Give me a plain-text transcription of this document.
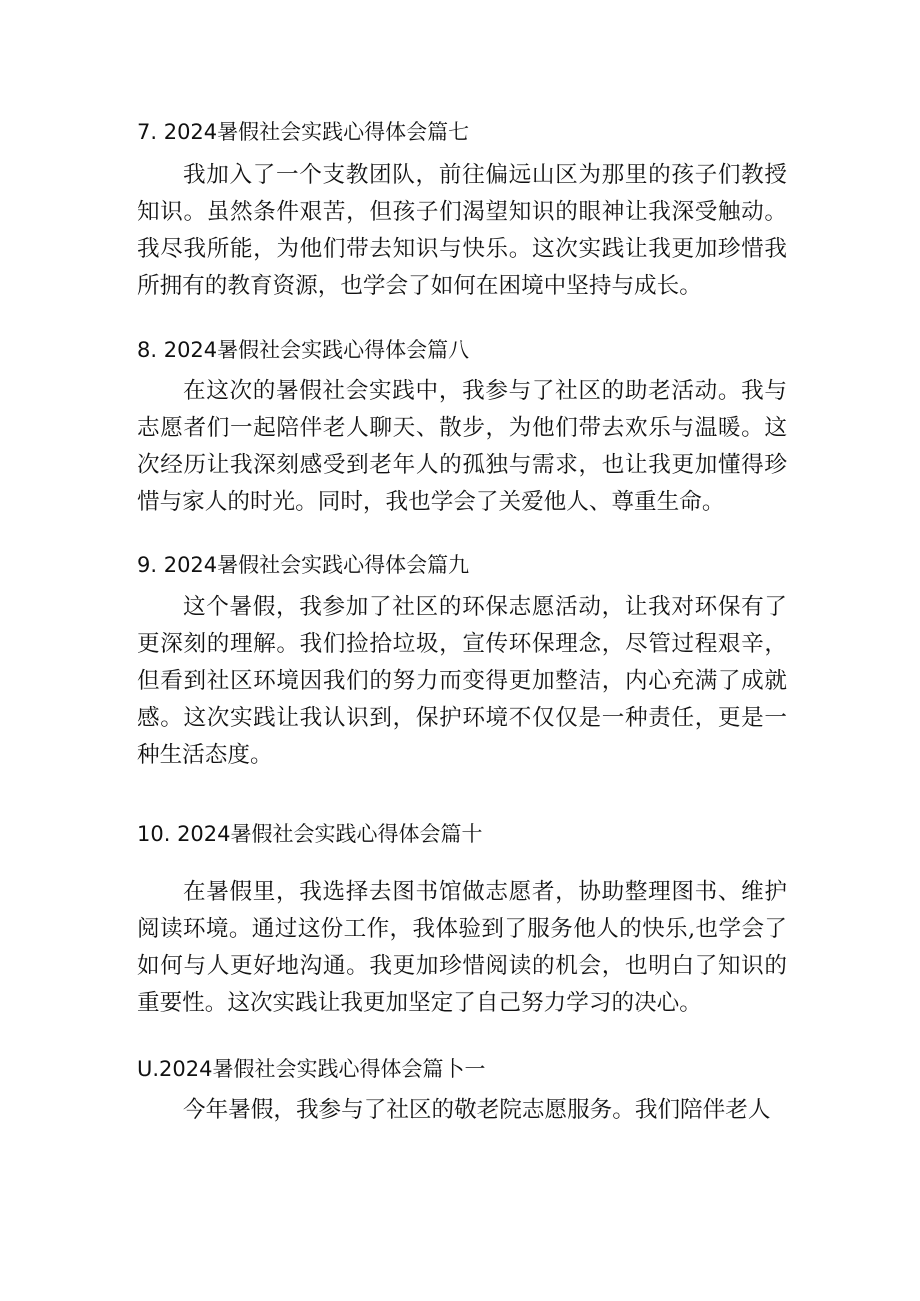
7. 2024暑假社会实践心得体会篇七

我加入了一个支教团队，前往偏远山区为那里的孩子们教授知识。虽然条件艰苦，但孩子们渴望知识的眼神让我深受触动。我尽我所能，为他们带去知识与快乐。这次实践让我更加珍惜我所拥有的教育资源，也学会了如何在困境中坚持与成长。

8. 2024暑假社会实践心得体会篇八

在这次的暑假社会实践中，我参与了社区的助老活动。我与志愿者们一起陪伴老人聊天、散步，为他们带去欢乐与温暖。这次经历让我深刻感受到老年人的孤独与需求，也让我更加懂得珍惜与家人的时光。同时，我也学会了关爱他人、尊重生命。

9. 2024暑假社会实践心得体会篇九

这个暑假，我参加了社区的环保志愿活动，让我对环保有了更深刻的理解。我们捡拾垃圾，宣传环保理念，尽管过程艰辛，但看到社区环境因我们的努力而变得更加整洁，内心充满了成就感。这次实践让我认识到，保护环境不仅仅是一种责任，更是一种生活态度。

10. 2024暑假社会实践心得体会篇十

在暑假里，我选择去图书馆做志愿者，协助整理图书、维护阅读环境。通过这份工作，我体验到了服务他人的快乐,也学会了如何与人更好地沟通。我更加珍惜阅读的机会，也明白了知识的重要性。这次实践让我更加坚定了自己努力学习的决心。

U.2024暑假社会实践心得体会篇卜一

今年暑假，我参与了社区的敬老院志愿服务。我们陪伴老人
